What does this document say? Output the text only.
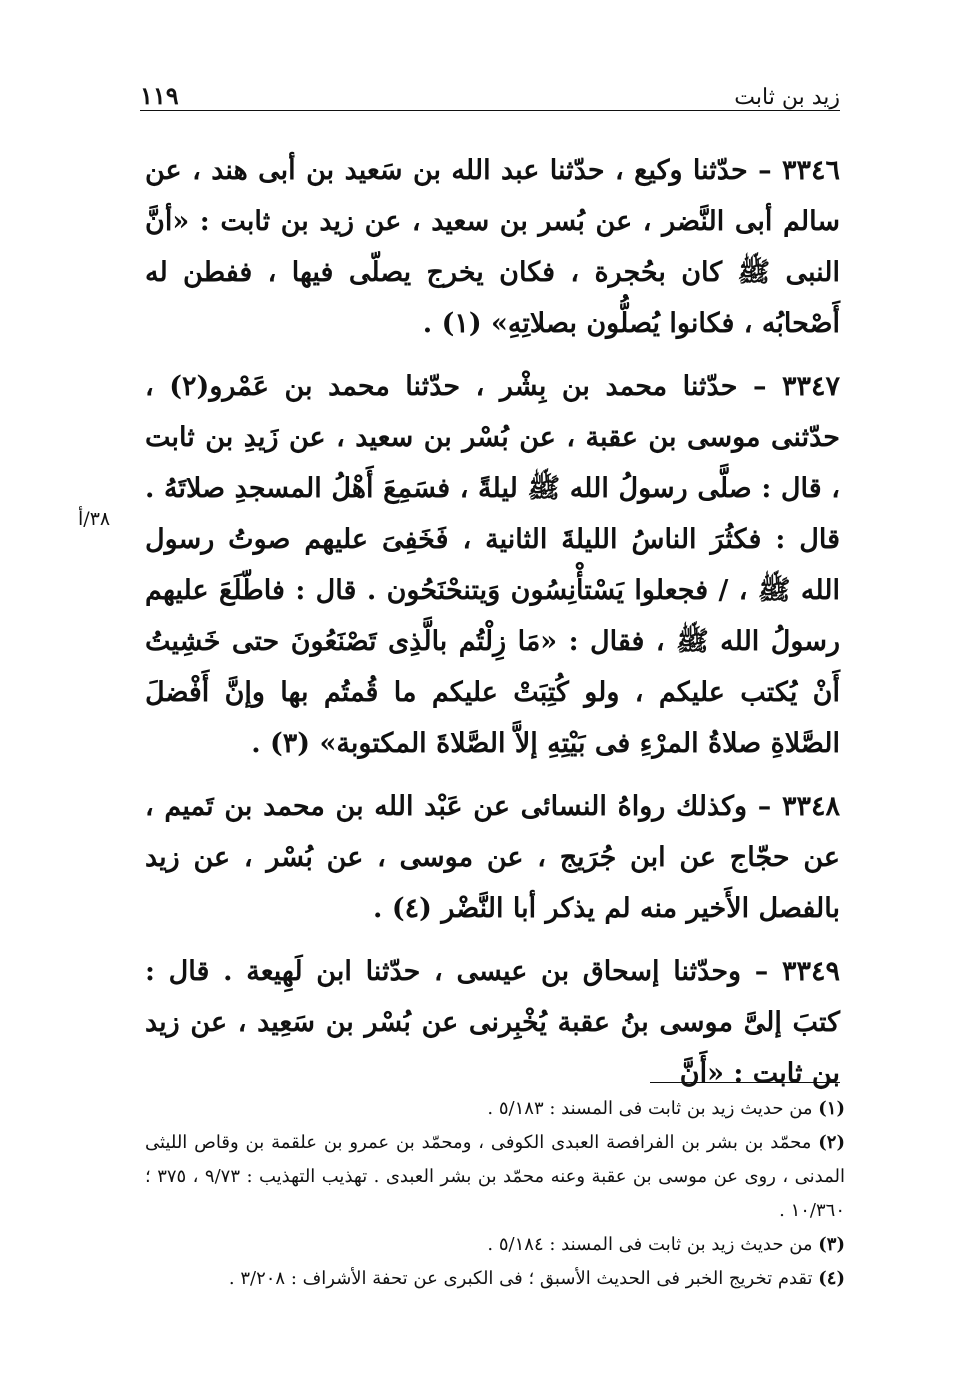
١١٩	زيد بن ثابت
٣٨/أ

٣٣٤٦ – حدّثنا وكيع ، حدّثنا عبد الله بن سَعيد بن أبى هند ، عن سالم أبى النَّضر ، عن بُسر بن سعيد ، عن زيد بن ثابت : «أنَّ النبى ﷺ كان بحُجرة ، فكان يخرج يصلّى فيها ، ففطن له أَصْحابُه ، فكانوا يُصلُّون بصلاتِهِ» (١) .

٣٣٤٧ – حدّثنا محمد بن بِشْر ، حدّثنا محمد بن عَمْرو(٢) ، حدّثنى موسى بن عقبة ، عن بُسْر بن سعيد ، عن زَيدِ بن ثابت ، قال : صلَّى رسولُ الله ﷺ ليلةً ، فسَمِعَ أَهْلُ المسجدِ صلاتَهُ . قال : فكثُرَ الناسُ الليلةَ الثانية ، فَخَفِىَ عليهم صوتُ رسول الله ﷺ ، / فجعلوا يَسْتأْنِسُون وَيتنحْنَحُون . قال : فاطّلَعَ عليهم رسولُ الله ﷺ ، فقال : «مَا زِلْتُم بالَّذِى تَصْنَعُونَ حتى خَشِيتُ أَنْ يُكتب عليكم ، ولو كُتِبَتْ عليكم ما قُمتُم بها وإنَّ أَفْضلَ الصَّلاةِ صلاةُ المرْءِ فى بَيْتِهِ إلاَّ الصَّلاةَ المكتوبة» (٣) .

٣٣٤٨ – وكذلك رواهُ النسائى عن عَبْد الله بن محمد بن تَميم ، عن حجّاج عن ابن جُرَيج ، عن موسى ، عن بُسْر ، عن زيد بالفصل الأَخير منه لم يذكر أبا النَّضْر (٤) .

٣٣٤٩ – وحدّثنا إسحاق بن عيسى ، حدّثنا ابن لَهِيعة . قال : كتبَ إلىَّ موسى بنُ عقبة يُخْبِرنى عن بُسْر بن سَعِيد ، عن زيد بن ثابت : «أَنَّ

(١) من حديث زيد بن ثابت فى المسند : ٥/١٨٣ .

(٢) محمّد بن بشر بن الفرافصة العبدى الكوفى ، ومحمّد بن عمرو بن علقمة بن وقاص الليثى المدنى ، روى عن موسى بن عقبة وعنه محمّد بن بشر العبدى . تهذيب التهذيب : ٩/٧٣ ، ٣٧٥ ؛ ١٠/٣٦٠ .

(٣) من حديث زيد بن ثابت فى المسند : ٥/١٨٤ .

(٤) تقدم تخريج الخبر فى الحديث الأسبق ؛ فى الكبرى عن تحفة الأشراف : ٣/٢٠٨ .
